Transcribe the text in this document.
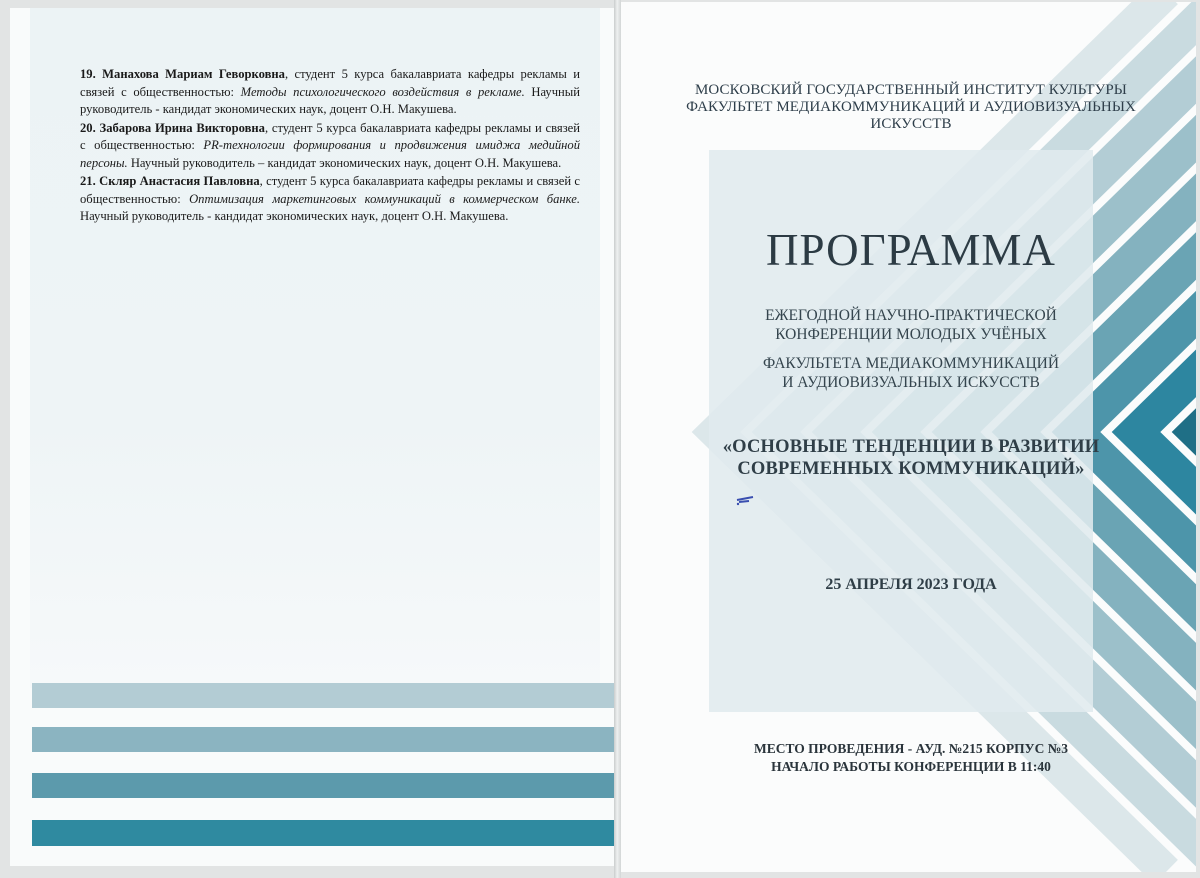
19. Манахова Мариам Геворковна, студент 5 курса бакалавриата кафедры рекламы и связей с общественностью: Методы психологического воздействия в рекламе. Научный руководитель - кандидат экономических наук, доцент О.Н. Макушева.

20. Забарова Ирина Викторовна, студент 5 курса бакалавриата кафедры рекламы и связей с общественностью: PR-технологии формирования и продвижения имиджа медийной персоны. Научный руководитель – кандидат экономических наук, доцент О.Н. Макушева.

21. Скляр Анастасия Павловна, студент 5 курса бакалавриата кафедры рекламы и связей с общественностью: Оптимизация маркетинговых коммуникаций в коммерческом банке. Научный руководитель - кандидат экономических наук, доцент О.Н. Макушева.

МОСКОВСКИЙ ГОСУДАРСТВЕННЫЙ ИНСТИТУТ КУЛЬТУРЫ
ФАКУЛЬТЕТ МЕДИАКОММУНИКАЦИЙ И АУДИОВИЗУАЛЬНЫХ ИСКУССТВ
ПРОГРАММА
ЕЖЕГОДНОЙ НАУЧНО-ПРАКТИЧЕСКОЙ
КОНФЕРЕНЦИИ МОЛОДЫХ УЧЁНЫХ
ФАКУЛЬТЕТА МЕДИАКОММУНИКАЦИЙ
И АУДИОВИЗУАЛЬНЫХ ИСКУССТВ
«ОСНОВНЫЕ ТЕНДЕНЦИИ В РАЗВИТИИ
СОВРЕМЕННЫХ КОММУНИКАЦИЙ»
25 АПРЕЛЯ 2023 ГОДА
МЕСТО ПРОВЕДЕНИЯ - АУД. №215 КОРПУС №3
НАЧАЛО РАБОТЫ КОНФЕРЕНЦИИ В 11:40
